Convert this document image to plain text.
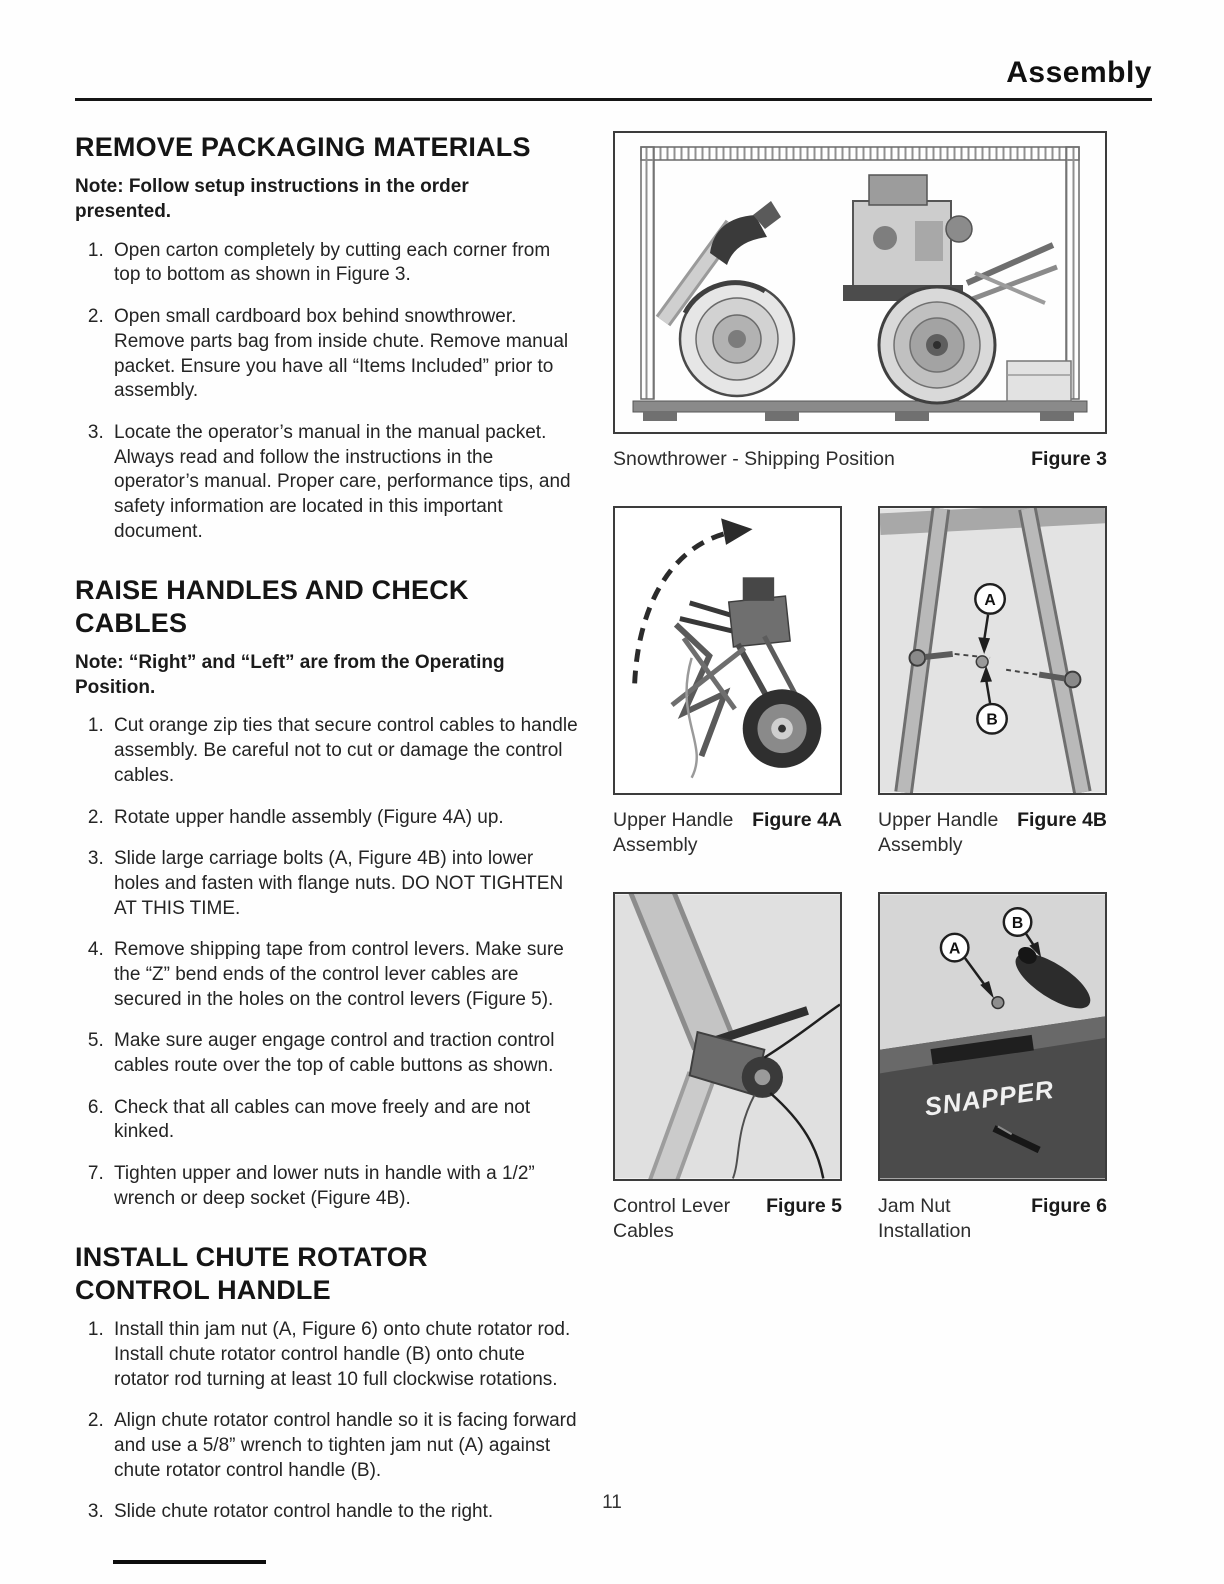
Assembly
REMOVE PACKAGING MATERIALS

Note: Follow setup instructions in the order presented.

1. Open carton completely by cutting each corner from top to bottom as shown in Figure 3.
2. Open small cardboard box behind snowthrower. Remove parts bag from inside chute. Remove manual packet. Ensure you have all “Items Included” prior to assembly.
3. Locate the operator’s manual in the manual packet. Always read and follow the instructions in the operator’s manual. Proper care, performance tips, and safety information are located in this important document.
RAISE HANDLES AND CHECK CABLES

Note: “Right” and “Left” are from the Operating Position.

1. Cut orange zip ties that secure control cables to handle assembly. Be careful not to cut or damage the control cables.
2. Rotate upper handle assembly (Figure 4A) up.
3. Slide large carriage bolts (A, Figure 4B) into lower holes and fasten with flange nuts. DO NOT TIGHTEN AT THIS TIME.
4. Remove shipping tape from control levers. Make sure the “Z” bend ends of the control lever cables are secured in the holes on the control levers (Figure 5).
5. Make sure auger engage control and traction control cables route over the top of cable buttons as shown.
6. Check that all cables can move freely and are not kinked.
7. Tighten upper and lower nuts in handle with a 1/2” wrench or deep socket (Figure 4B).
INSTALL CHUTE ROTATOR CONTROL HANDLE
1. Install thin jam nut (A, Figure 6) onto chute rotator rod. Install chute rotator control handle (B) onto chute rotator rod turning at least 10 full clockwise rotations.
2. Align chute rotator control handle so it is facing forward and use a 5/8” wrench to tighten jam nut (A) against chute rotator control handle (B).
3. Slide chute rotator control handle to the right.
Snowthrower - Shipping Position	Figure 3
Upper Handle
Assembly
Figure 4A
A
B
Upper Handle
Assembly
Figure 4B
Control Lever
Cables
Figure 5
SNAPPER
A
B
Jam Nut
Installation
Figure 6
11
